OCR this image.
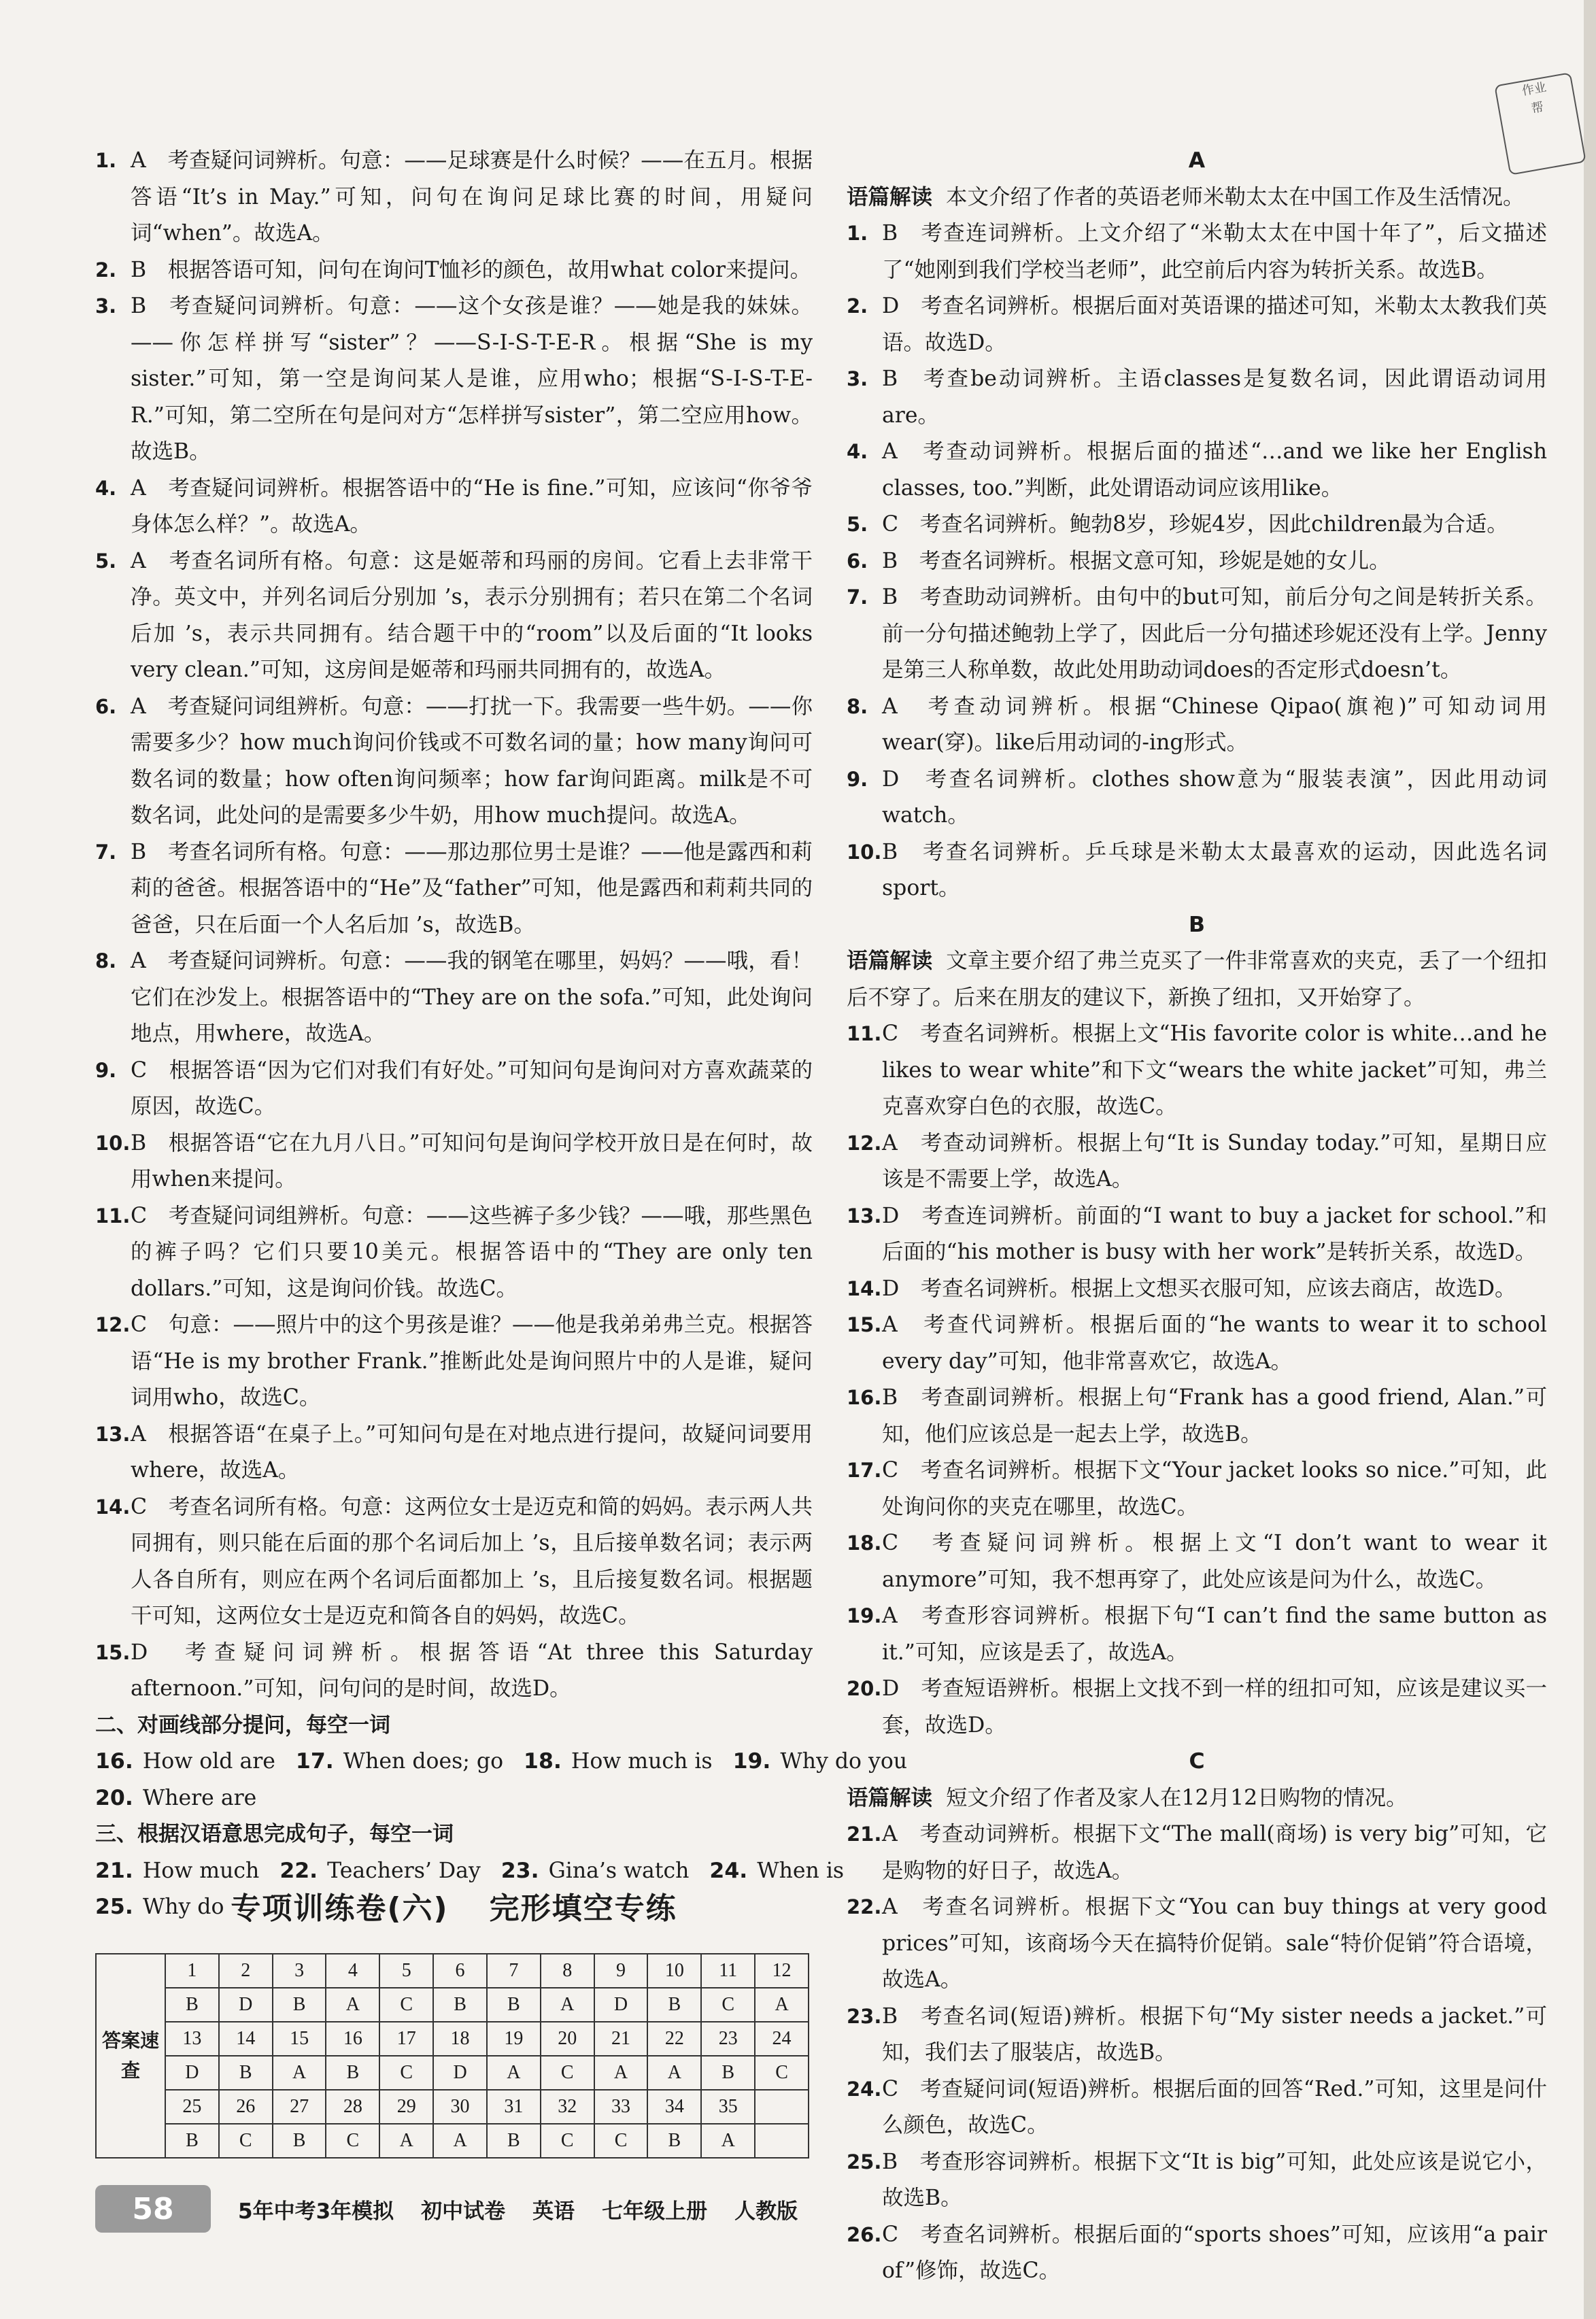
作业
帮
1. A　考查疑问词辨析。句意：——足球赛是什么时候？——在五月。根据答语“It’s in May.”可知，问句在询问足球比赛的时间，用疑问词“when”。故选A。
2. B　根据答语可知，问句在询问T恤衫的颜色，故用what color来提问。
3. B　考查疑问词辨析。句意：——这个女孩是谁？——她是我的妹妹。——你怎样拼写“sister”？——S-I-S-T-E-R。根据“She is my sister.”可知，第一空是询问某人是谁，应用who；根据“S-I-S-T-E-R.”可知，第二空所在句是问对方“怎样拼写sister”，第二空应用how。故选B。
4. A　考查疑问词辨析。根据答语中的“He is fine.”可知，应该问“你爷爷身体怎么样？”。故选A。
5. A　考查名词所有格。句意：这是姬蒂和玛丽的房间。它看上去非常干净。英文中，并列名词后分别加 ’s，表示分别拥有；若只在第二个名词后加 ’s，表示共同拥有。结合题干中的“room”以及后面的“It looks very clean.”可知，这房间是姬蒂和玛丽共同拥有的，故选A。
6. A　考查疑问词组辨析。句意：——打扰一下。我需要一些牛奶。——你需要多少？how much询问价钱或不可数名词的量；how many询问可数名词的数量；how often询问频率；how far询问距离。milk是不可数名词，此处问的是需要多少牛奶，用how much提问。故选A。
7. B　考查名词所有格。句意：——那边那位男士是谁？——他是露西和莉莉的爸爸。根据答语中的“He”及“father”可知，他是露西和莉莉共同的爸爸，只在后面一个人名后加 ’s，故选B。
8. A　考查疑问词辨析。句意：——我的钢笔在哪里，妈妈？——哦，看！它们在沙发上。根据答语中的“They are on the sofa.”可知，此处询问地点，用where，故选A。
9. C　根据答语“因为它们对我们有好处。”可知问句是询问对方喜欢蔬菜的原因，故选C。
10. B　根据答语“它在九月八日。”可知问句是询问学校开放日是在何时，故用when来提问。
11. C　考查疑问词组辨析。句意：——这些裤子多少钱？——哦，那些黑色的裤子吗？它们只要10美元。根据答语中的“They are only ten dollars.”可知，这是询问价钱。故选C。
12. C　句意：——照片中的这个男孩是谁？——他是我弟弟弗兰克。根据答语“He is my brother Frank.”推断此处是询问照片中的人是谁，疑问词用who，故选C。
13. A　根据答语“在桌子上。”可知问句是在对地点进行提问，故疑问词要用where，故选A。
14. C　考查名词所有格。句意：这两位女士是迈克和简的妈妈。表示两人共同拥有，则只能在后面的那个名词后加上 ’s，且后接单数名词；表示两人各自所有，则应在两个名词后面都加上 ’s，且后接复数名词。根据题干可知，这两位女士是迈克和简各自的妈妈，故选C。
15. D　考查疑问词辨析。根据答语“At three this Saturday afternoon.”可知，问句问的是时间，故选D。
二、对画线部分提问，每空一词
16. How old are 17. When does; go 18. How much is 19. Why do you
20. Where are
三、根据汉语意思完成句子，每空一词
21. How much 22. Teachers’ Day 23. Gina’s watch 24. When is
25. Why do 专项训练卷(六) 完形填空专练
答案速查	1	2	3	4	5	6	7	8	9	10	11	12
	B	D	B	A	C	B	B	A	D	B	C	A
	13	14	15	16	17	18	19	20	21	22	23	24
	D	B	A	B	C	D	A	C	A	A	B	C
	25	26	27	28	29	30	31	32	33	34	35	
	B	C	B	C	A	A	B	C	C	B	A	
A
语篇解读 本文介绍了作者的英语老师米勒太太在中国工作及生活情况。
1. B　考查连词辨析。上文介绍了“米勒太太在中国十年了”，后文描述了“她刚到我们学校当老师”，此空前后内容为转折关系。故选B。
2. D　考查名词辨析。根据后面对英语课的描述可知，米勒太太教我们英语。故选D。
3. B　考查be动词辨析。主语classes是复数名词，因此谓语动词用are。
4. A　考查动词辨析。根据后面的描述“…and we like her English classes, too.”判断，此处谓语动词应该用like。
5. C　考查名词辨析。鲍勃8岁，珍妮4岁，因此children最为合适。
6. B　考查名词辨析。根据文意可知，珍妮是她的女儿。
7. B　考查助动词辨析。由句中的but可知，前后分句之间是转折关系。前一分句描述鲍勃上学了，因此后一分句描述珍妮还没有上学。Jenny是第三人称单数，故此处用助动词does的否定形式doesn’t。
8. A　考查动词辨析。根据“Chinese Qipao(旗袍)”可知动词用wear(穿)。like后用动词的-ing形式。
9. D　考查名词辨析。clothes show意为“服装表演”，因此用动词watch。
10. B　考查名词辨析。乒乓球是米勒太太最喜欢的运动，因此选名词sport。
B
语篇解读 文章主要介绍了弗兰克买了一件非常喜欢的夹克，丢了一个纽扣后不穿了。后来在朋友的建议下，新换了纽扣，又开始穿了。
11. C　考查名词辨析。根据上文“His favorite color is white…and he likes to wear white”和下文“wears the white jacket”可知，弗兰克喜欢穿白色的衣服，故选C。
12. A　考查动词辨析。根据上句“It is Sunday today.”可知，星期日应该是不需要上学，故选A。
13. D　考查连词辨析。前面的“I want to buy a jacket for school.”和后面的“his mother is busy with her work”是转折关系，故选D。
14. D　考查名词辨析。根据上文想买衣服可知，应该去商店，故选D。
15. A　考查代词辨析。根据后面的“he wants to wear it to school every day”可知，他非常喜欢它，故选A。
16. B　考查副词辨析。根据上句“Frank has a good friend, Alan.”可知，他们应该总是一起去上学，故选B。
17. C　考查名词辨析。根据下文“Your jacket looks so nice.”可知，此处询问你的夹克在哪里，故选C。
18. C　考查疑问词辨析。根据上文“I don’t want to wear it anymore”可知，我不想再穿了，此处应该是问为什么，故选C。
19. A　考查形容词辨析。根据下句“I can’t find the same button as it.”可知，应该是丢了，故选A。
20. D　考查短语辨析。根据上文找不到一样的纽扣可知，应该是建议买一套，故选D。
C
语篇解读 短文介绍了作者及家人在12月12日购物的情况。
21. A　考查动词辨析。根据下文“The mall(商场) is very big”可知，它是购物的好日子，故选A。
22. A　考查名词辨析。根据下文“You can buy things at very good prices”可知，该商场今天在搞特价促销。sale“特价促销”符合语境，故选A。
23. B　考查名词(短语)辨析。根据下句“My sister needs a jacket.”可知，我们去了服装店，故选B。
24. C　考查疑问词(短语)辨析。根据后面的回答“Red.”可知，这里是问什么颜色，故选C。
25. B　考查形容词辨析。根据下文“It is big”可知，此处应该是说它小，故选B。
26. C　考查名词辨析。根据后面的“sports shoes”可知，应该用“a pair of”修饰，故选C。
58	5年中考3年模拟 初中试卷 英语 七年级上册 人教版
